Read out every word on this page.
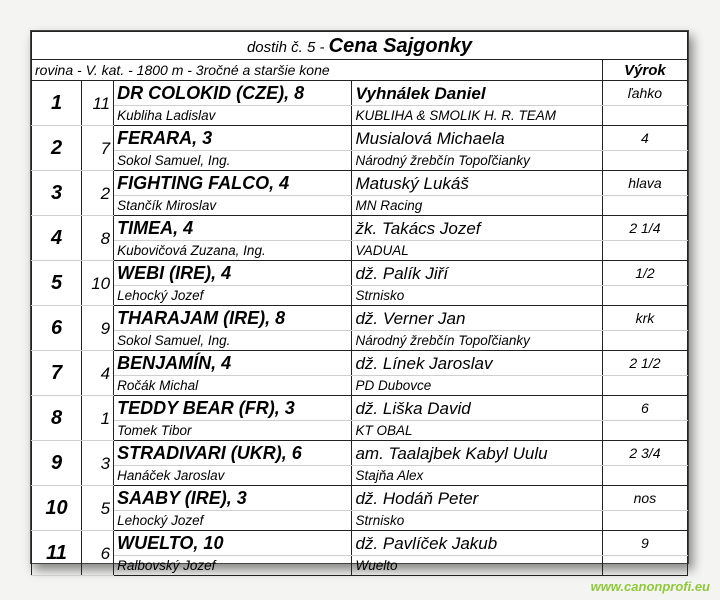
dostih č. 5 - Cena Sajgonky				
rovina - V. kat. - 1800 m - 3ročné a staršie kone				Výrok
1	11	DR COLOKID (CZE), 8	Vyhnálek Daniel	ľahko
		Kubliha Ladislav	KUBLIHA & SMOLIK H. R. TEAM	
2	7	FERARA, 3	Musialová Michaela	4
		Sokol Samuel, Ing.	Národný žrebčín Topoľčianky	
3	2	FIGHTING FALCO, 4	Matuský Lukáš	hlava
		Stančík Miroslav	MN Racing	
4	8	TIMEA, 4	žk. Takács Jozef	2 1/4
		Kubovičová Zuzana, Ing.	VADUAL	
5	10	WEBI (IRE), 4	dž. Palík Jiří	1/2
		Lehocký Jozef	Strnisko	
6	9	THARAJAM (IRE), 8	dž. Verner Jan	krk
		Sokol Samuel, Ing.	Národný žrebčín Topoľčianky	
7	4	BENJAMÍN, 4	dž. Línek Jaroslav	2 1/2
		Ročák Michal	PD Dubovce	
8	1	TEDDY BEAR (FR), 3	dž. Liška David	6
		Tomek Tibor	KT OBAL	
9	3	STRADIVARI (UKR), 6	am. Taalajbek Kabyl Uulu	2 3/4
		Hanáček Jaroslav	Stajňa Alex	
10	5	SAABY (IRE), 3	dž. Hodáň Peter	nos
		Lehocký Jozef	Strnisko	
11	6	WUELTO, 10	dž. Pavlíček Jakub	9
		Ralbovský Jozef	Wuelto	
www.canonprofi.eu
